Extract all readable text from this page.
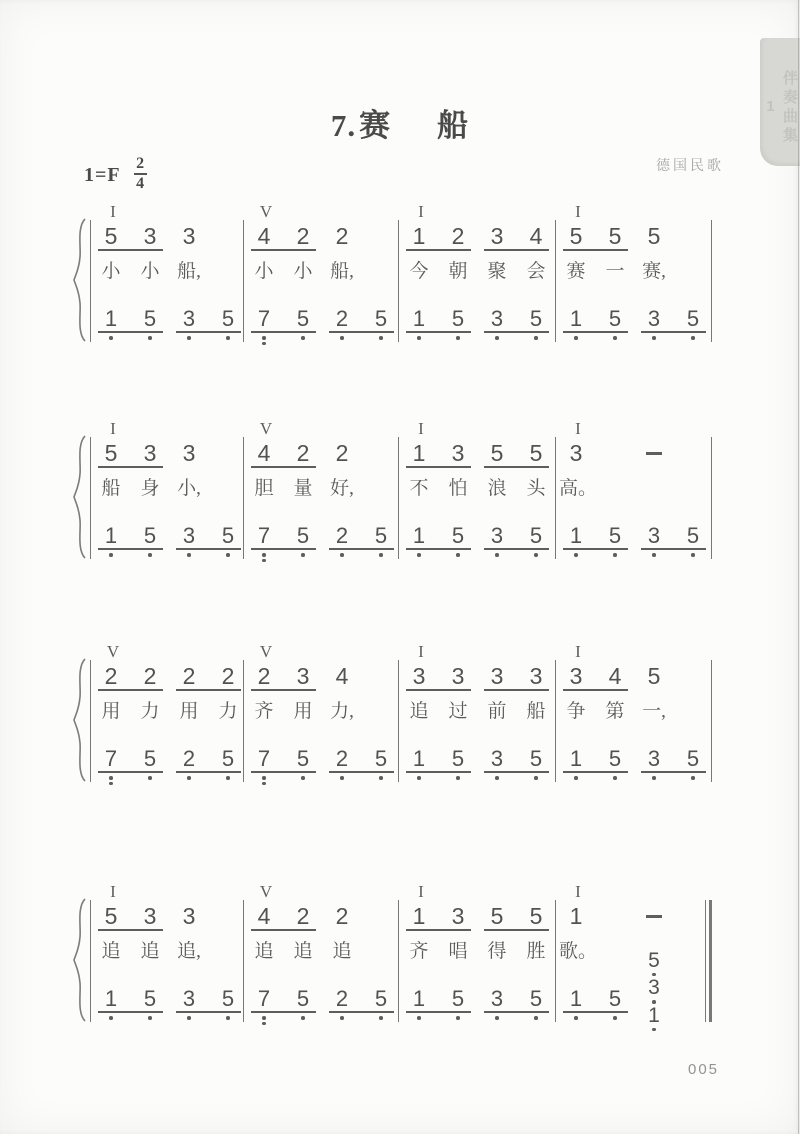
伴奏曲集 1
7. 赛 船
$1=F \frac{2}{4}$	德国民歌
I
5 3 3
小	小 船,
1	5	3	5
V
4 2 2
小	小 船,
7	5	2	5
I
1 2 3 4
今	朝	聚	会
1	5	3	5
I
5 5 5
赛	一 赛,
1	5	3	5
I
5 3 3
船	身 小,
1	5	3	5
V
4 2 2
胆	量 好,
7	5	2	5
I
1 3 5 5
不	怕	浪	头
1	5	3	5
I
3
高。
1	5	3	5
V
2 2 2 2
用	力	用	力
7	5	2	5
V
2 3 4
齐	用 力,
7	5	2	5
I
3 3 3 3
追	过	前	船
1	5	3	5
I
3 4 5
争	第 一,
1	5	3	5
I
5 3 3
追	追 追,
1	5	3	5
V
4 2 2
追	追	追
7	5	2	5
I
1 3 5 5
齐	唱	得	胜
1	5	3	5
I
1
歌。
1	5
5
3
1
005
